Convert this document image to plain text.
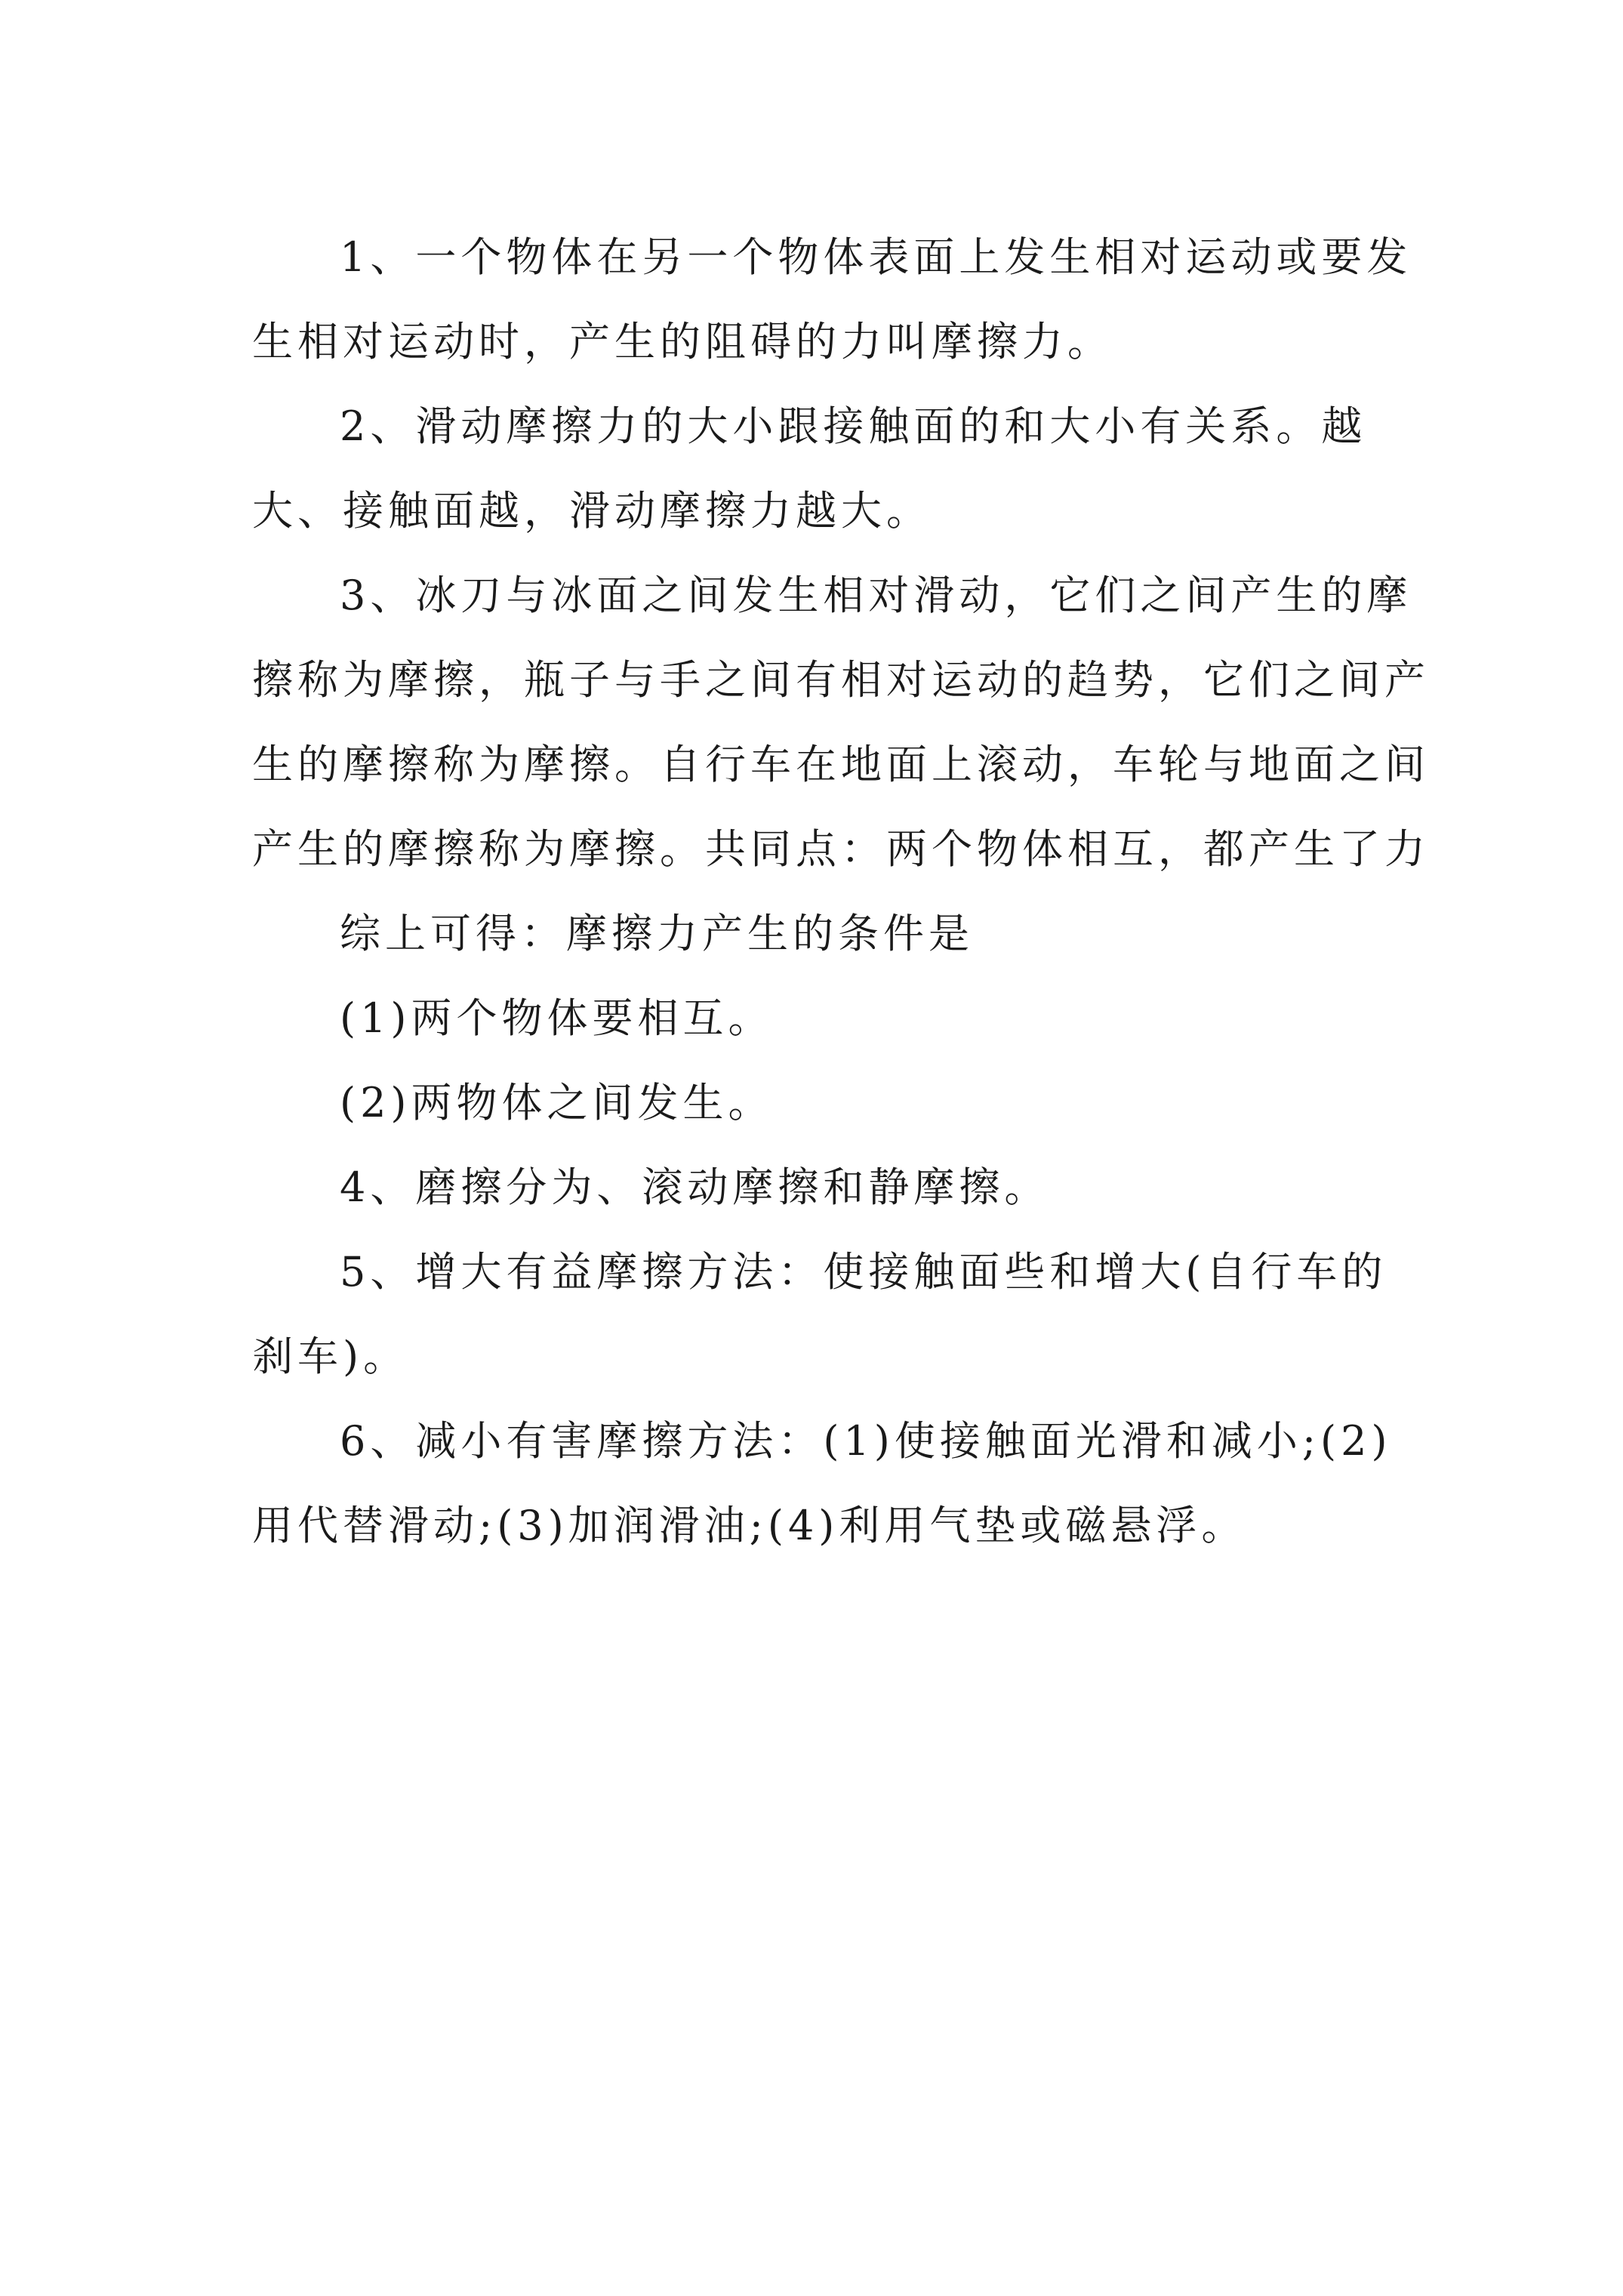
1、一个物体在另一个物体表面上发生相对运动或要发生相对运动时，产生的阻碍的力叫摩擦力。

2、滑动摩擦力的大小跟接触面的和大小有关系。越大、接触面越，滑动摩擦力越大。

3、冰刀与冰面之间发生相对滑动，它们之间产生的摩擦称为摩擦，瓶子与手之间有相对运动的趋势，它们之间产生的摩擦称为摩擦。自行车在地面上滚动，车轮与地面之间产生的摩擦称为摩擦。共同点：两个物体相互，都产生了力

综上可得：摩擦力产生的条件是

(1)两个物体要相互。

(2)两物体之间发生。

4、磨擦分为、滚动摩擦和静摩擦。

5、增大有益摩擦方法：使接触面些和增大(自行车的刹车)。

6、减小有害摩擦方法：(1)使接触面光滑和减小;(2)用代替滑动;(3)加润滑油;(4)利用气垫或磁悬浮。
